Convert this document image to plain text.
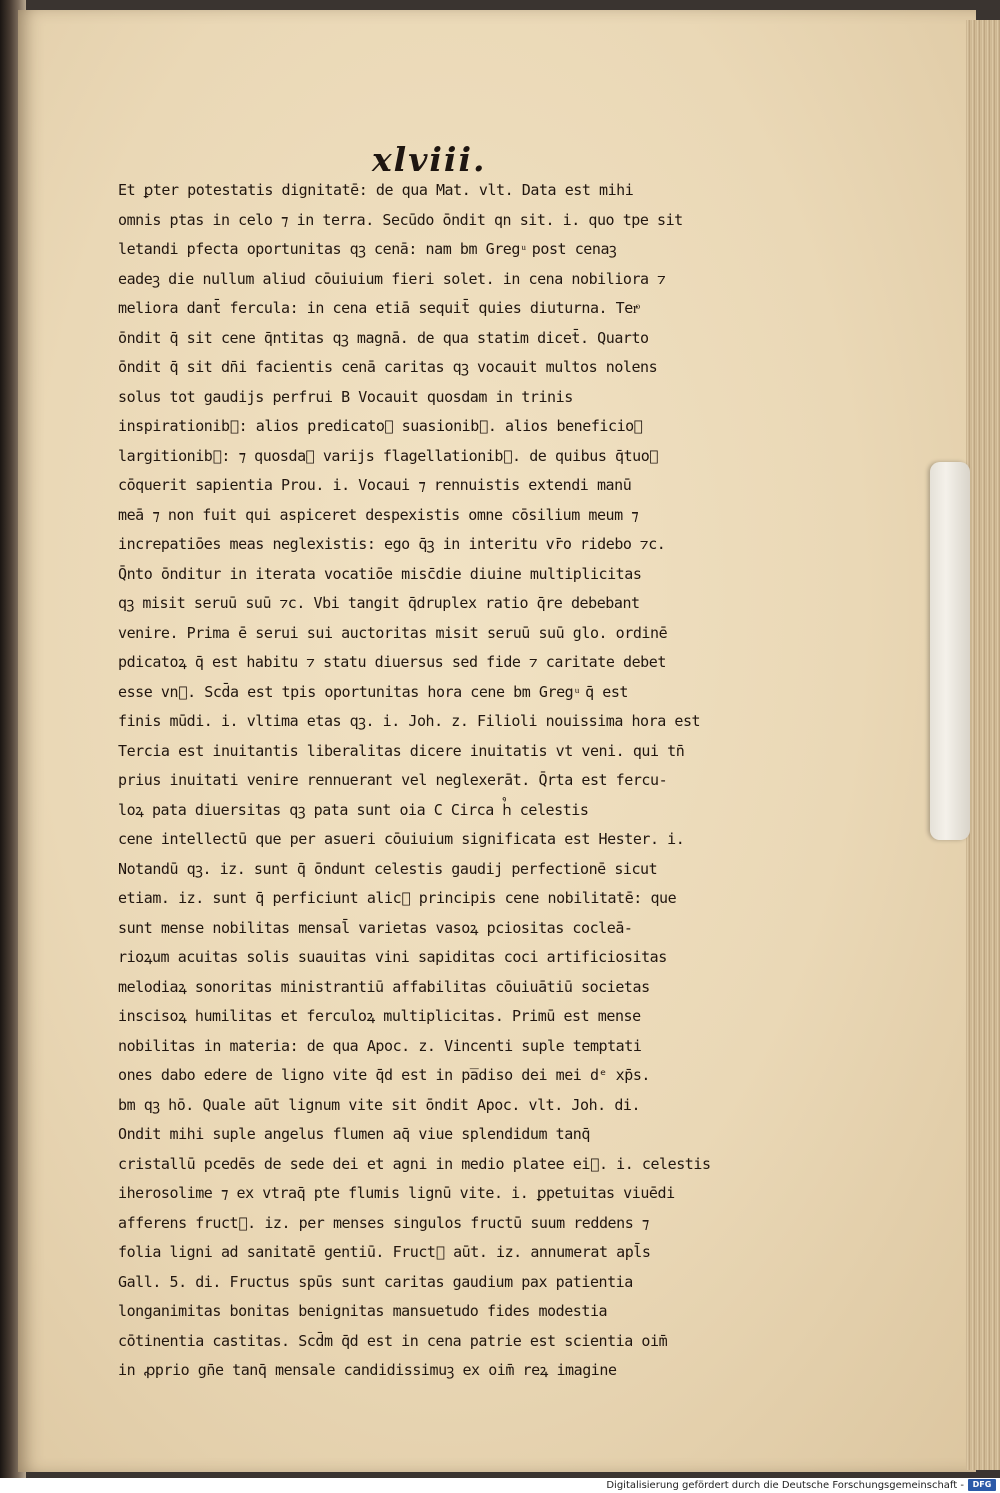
xlviii.
Et ꝑter potestatis dignitatē: de qua Mat. vlt. Data est mihi
omnis ptas in celo ⁊ in terra. Secūdo ōndit qn sit. i. quo tpe sit
letandi pfecta oportunitas qꝫ cenā: nam bm Greg ͧ post cenaꝫ
eadeꝫ die nullum aliud cōuiuium fieri solet. in cena nobiliora ⁊
meliora dant̄ fercula: in cena etiā sequit̄ quies diuturna. Terͦ
ōndit q̄ sit cene q̄ntitas qꝫ magnā. de qua statim dicet̄. Quarto
ōndit q̄ sit dn̄i facientis cenā caritas qꝫ vocauit multos nolens
solus tot gaudijs perfrui B Vocauit quosdam in trinis
inspirationib᷒: alios predicatoꝝ suasionib᷒. alios beneficioꝝ
largitionib᷒: ⁊ quosdaꝫ varijs flagellationib᷒. de quibus q̄tuoꝛ
cōquerit sapientia Prou. i. Vocaui ⁊ rennuistis extendi manū
meā ⁊ non fuit qui aspiceret despexistis omne cōsilium meum ⁊
increpatiōes meas neglexistis: ego q̄ꝫ in interitu vr̄o ridebo ⁊c.
Q̄nto ōnditur in iterata vocatiōe misc̄die diuine multiplicitas
qꝫ misit seruū suū ⁊c. Vbi tangit q̄druplex ratio q̄re debebant
venire. Prima ē serui sui auctoritas misit seruū suū glo. ordinē
pdicatoꝝ q̄ est habitu ⁊ statu diuersus sed fide ⁊ caritate debet
esse vn᷒. Scd̄a est tpis oportunitas hora cene bm Greg ͧ q̄ est
finis mūdi. i. vltima etas qꝫ. i. Joh. z. Filioli nouissima hora est
Tercia est inuitantis liberalitas dicere inuitatis vt veni. qui tn̄
prius inuitati venire rennuerant vel neglexerāt. Q̄rta est fercu-
loꝝ pata diuersitas qꝫ pata sunt oia C Circa h᷒ celestis
cene intellectū que per asueri cōuiuium significata est Hester. i.
Notandū qꝫ. iz. sunt q̄ ōndunt celestis gaudij perfectionē sicut
etiam. iz. sunt q̄ perficiunt alic᷒ principis cene nobilitatē: que
sunt mense nobilitas mensal̄ varietas vasoꝝ pciositas cocleā-
rioꝝum acuitas solis suauitas vini sapiditas coci artificiositas
melodiaꝝ sonoritas ministrantiū affabilitas cōuiuātiū societas
inscisoꝝ humilitas et ferculoꝝ multiplicitas. Primū est mense
nobilitas in materia: de qua Apoc. z. Vincenti suple temptati
ones dabo edere de ligno vite q̄d est in pa̅diso dei mei dᵉ xp̄s.
bm qꝫ hō. Quale aūt lignum vite sit ōndit Apoc. vlt. Joh. di.
Ondit mihi suple angelus flumen aq̄ viue splendidum tanq̄
cristallū pcedēs de sede dei et agni in medio platee ei᷒. i. celestis
iherosolime ⁊ ex vtraq̄ pte flumis lignū vite. i. ꝑpetuitas viuēdi
afferens fruct᷒. iz. per menses singulos fructū suum reddens ⁊
folia ligni ad sanitatē gentiū. Fruct᷒ aūt. iz. annumerat apl̄s
Gall. 5. di. Fructus spūs sunt caritas gaudium pax patientia
longanimitas bonitas benignitas mansuetudo fides modestia
cōtinentia castitas. Scd̄m q̄d est in cena patrie est scientia oim̄
in ꝓprio gn̄e tanq̄ mensale candidissimuꝫ ex oim̄ reꝝ imagine
Digitalisierung gefördert durch die Deutsche Forschungsgemeinschaft -	DFG
